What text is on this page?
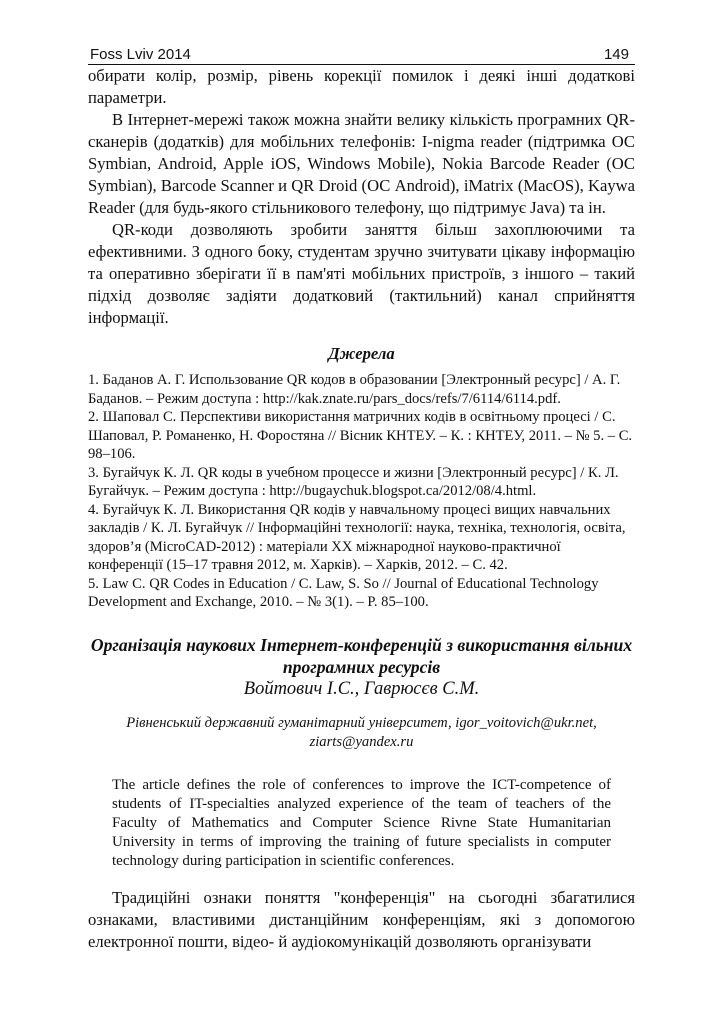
Foss Lviv 2014	149

обирати колір, розмір, рівень корекції помилок і деякі інші додаткові параметри.

В Інтернет-мережі також можна знайти велику кількість програмних QR-сканерів (додатків) для мобільних телефонів: I-nigma reader (підтримка ОС Symbian, Android, Apple iOS, Windows Mobile), Nokia Barcode Reader (ОС Symbian), Barcode Scanner и QR Droid (ОС Android), iMatrix (MacOS), Kaywa Reader (для будь-якого стільникового телефону, що підтримує Java) та ін.

QR-коди дозволяють зробити заняття більш захоплюючими та ефективними. З одного боку, студентам зручно зчитувати цікаву інформацію та оперативно зберігати її в пам'яті мобільних пристроїв, з іншого – такий підхід дозволяє задіяти додатковий (тактильний) канал сприйняття інформації.

Джерела

1. Баданов А. Г. Использование QR кодов в образовании [Электронный ресурс] / А. Г. Баданов. – Режим доступа : http://kak.znate.ru/pars_docs/refs/7/6114/6114.pdf.

2. Шаповал С. Перспективи використання матричних кодів в освітньому процесі / С. Шаповал, Р. Романенко, Н. Форостяна // Вісник КНТЕУ. – К. : КНТЕУ, 2011. – № 5. – С. 98–106.

3. Бугайчук К. Л. QR коды в учебном процессе и жизни [Электронный ресурс] / К. Л. Бугайчук. – Режим доступа : http://bugaychuk.blogspot.ca/2012/08/4.html.

4. Бугайчук К. Л. Використання QR кодів у навчальному процесі вищих навчальних закладів / К. Л. Бугайчук // Інформаційні технології: наука, техніка, технологія, освіта, здоров’я (MicroCAD-2012) : матеріали XX міжнародної науково-практичної конференції (15–17 травня 2012, м. Харків). – Харків, 2012. – С. 42.

5. Law C. QR Codes in Education / C. Law, S. So // Journal of Educational Technology Development and Exchange, 2010. – № 3(1). – P. 85–100.

Організація наукових Інтернет-конференцій з використання вільних програмних ресурсів
Войтович І.С., Гаврюсєв С.М.
Рівненський державний гуманітарний університет, igor_voitovich@ukr.net, ziarts@yandex.ru
The article defines the role of conferences to improve the ICT-competence of students of IT-specialties analyzed experience of the team of teachers of the Faculty of Mathematics and Computer Science Rivne State Humanitarian University in terms of improving the training of future specialists in computer technology during participation in scientific conferences.

Традиційні ознаки поняття "конференція" на сьогодні збагатилися ознаками, властивими дистанційним конференціям, які з допомогою електронної пошти, відео- й аудіокомунікацій дозволяють організувати
